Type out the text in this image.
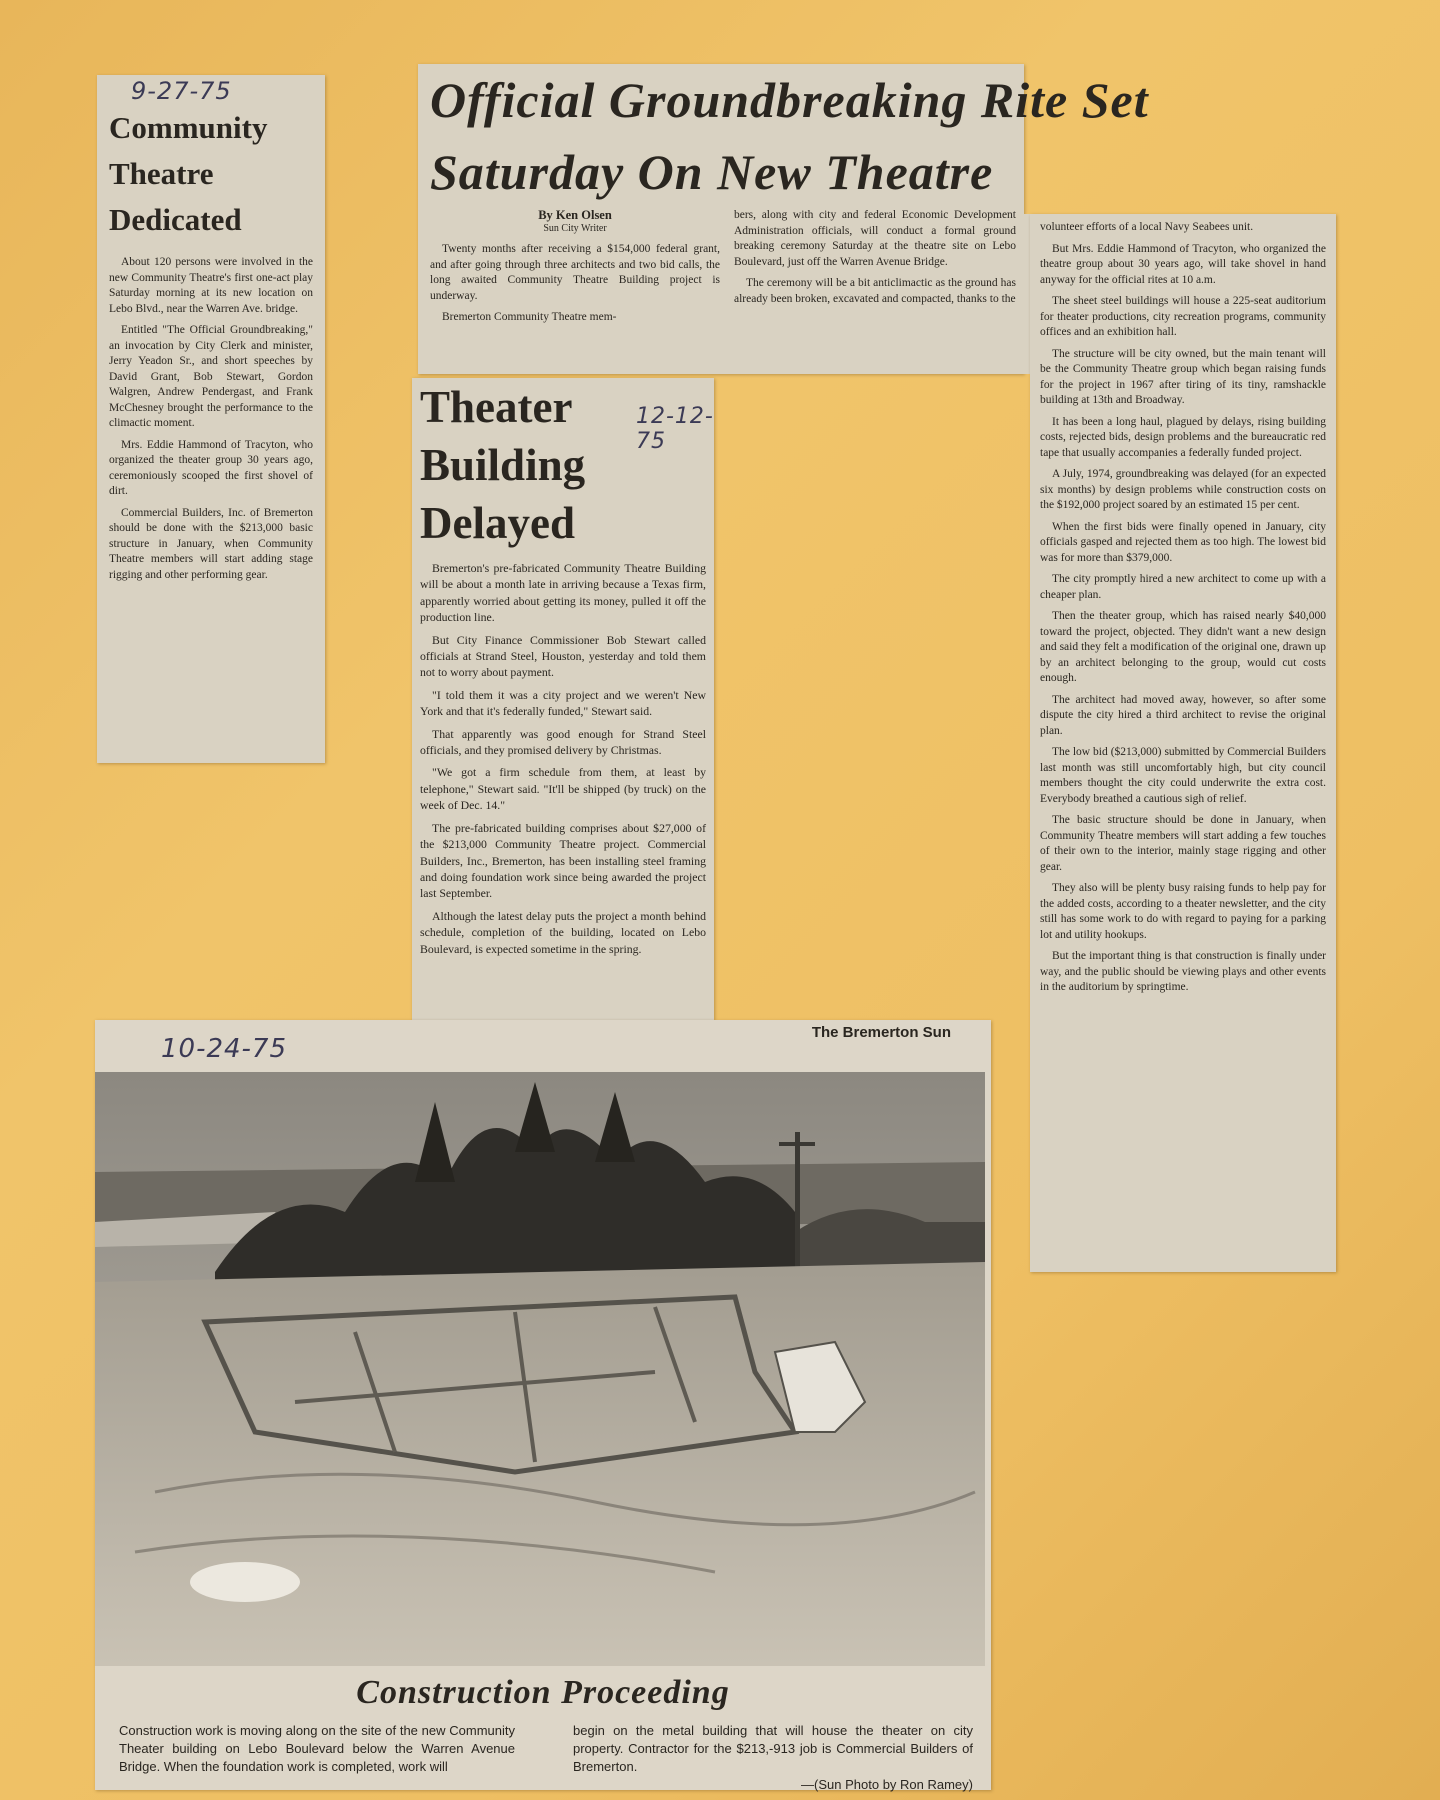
9-27-75
Community Theatre Dedicated

About 120 persons were involved in the new Community Theatre's first one-act play Saturday morning at its new location on Lebo Blvd., near the Warren Ave. bridge.

Entitled "The Official Groundbreaking," an invocation by City Clerk and minister, Jerry Yeadon Sr., and short speeches by David Grant, Bob Stewart, Gordon Walgren, Andrew Pendergast, and Frank McChesney brought the performance to the climactic moment.

Mrs. Eddie Hammond of Tracyton, who organized the theater group 30 years ago, ceremoniously scooped the first shovel of dirt.

Commercial Builders, Inc. of Bremerton should be done with the $213,000 basic structure in January, when Community Theatre members will start adding stage rigging and other performing gear.

Official Groundbreaking Rite Set Saturday On New Theatre
By Ken Olsen
Sun City Writer

Twenty months after receiving a $154,000 federal grant, and after going through three architects and two bid calls, the long awaited Community Theatre Building project is underway.

Bremerton Community Theatre mem-

bers, along with city and federal Economic Development Administration officials, will conduct a formal ground breaking ceremony Saturday at the theatre site on Lebo Boulevard, just off the Warren Avenue Bridge.

The ceremony will be a bit anticlimactic as the ground has already been broken, excavated and compacted, thanks to the

volunteer efforts of a local Navy Seabees unit.

But Mrs. Eddie Hammond of Tracyton, who organized the theatre group about 30 years ago, will take shovel in hand anyway for the official rites at 10 a.m.

The sheet steel buildings will house a 225-seat auditorium for theater productions, city recreation programs, community offices and an exhibition hall.

The structure will be city owned, but the main tenant will be the Community Theatre group which began raising funds for the project in 1967 after tiring of its tiny, ramshackle building at 13th and Broadway.

It has been a long haul, plagued by delays, rising building costs, rejected bids, design problems and the bureaucratic red tape that usually accompanies a federally funded project.

A July, 1974, groundbreaking was delayed (for an expected six months) by design problems while construction costs on the $192,000 project soared by an estimated 15 per cent.

When the first bids were finally opened in January, city officials gasped and rejected them as too high. The lowest bid was for more than $379,000.

The city promptly hired a new architect to come up with a cheaper plan.

Then the theater group, which has raised nearly $40,000 toward the project, objected. They didn't want a new design and said they felt a modification of the original one, drawn up by an architect belonging to the group, would cut costs enough.

The architect had moved away, however, so after some dispute the city hired a third architect to revise the original plan.

The low bid ($213,000) submitted by Commercial Builders last month was still uncomfortably high, but city council members thought the city could underwrite the extra cost. Everybody breathed a cautious sigh of relief.

The basic structure should be done in January, when Community Theatre members will start adding a few touches of their own to the interior, mainly stage rigging and other gear.

They also will be plenty busy raising funds to help pay for the added costs, according to a theater newsletter, and the city still has some work to do with regard to paying for a parking lot and utility hookups.

But the important thing is that construction is finally under way, and the public should be viewing plays and other events in the auditorium by springtime.

12-12-75
Theater Building Delayed

Bremerton's pre-fabricated Community Theatre Building will be about a month late in arriving because a Texas firm, apparently worried about getting its money, pulled it off the production line.

But City Finance Commissioner Bob Stewart called officials at Strand Steel, Houston, yesterday and told them not to worry about payment.

"I told them it was a city project and we weren't New York and that it's federally funded," Stewart said.

That apparently was good enough for Strand Steel officials, and they promised delivery by Christmas.

"We got a firm schedule from them, at least by telephone," Stewart said. "It'll be shipped (by truck) on the week of Dec. 14."

The pre-fabricated building comprises about $27,000 of the $213,000 Community Theatre project. Commercial Builders, Inc., Bremerton, has been installing steel framing and doing foundation work since being awarded the project last September.

Although the latest delay puts the project a month behind schedule, completion of the building, located on Lebo Boulevard, is expected sometime in the spring.

10-24-75
The Bremerton Sun
Construction Proceeding
Construction work is moving along on the site of the new Community Theater building on Lebo Boulevard below the Warren Avenue Bridge. When the foundation work is completed, work will
begin on the metal building that will house the theater on city property. Contractor for the $213,-913 job is Commercial Builders of Bremerton.
—(Sun Photo by Ron Ramey)
